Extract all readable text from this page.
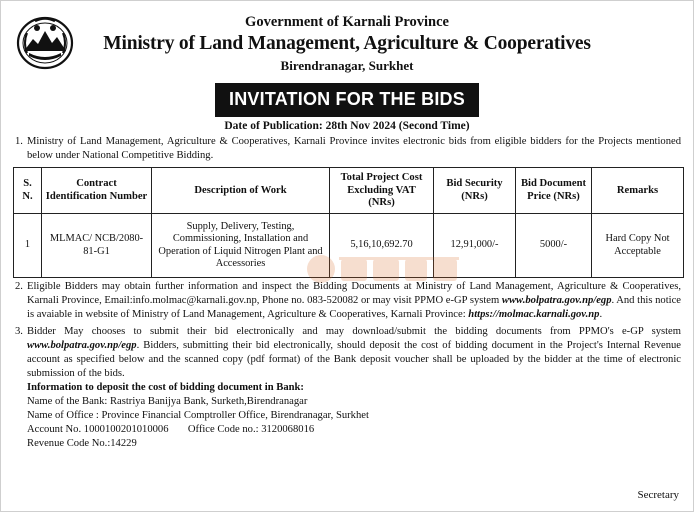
Government of Karnali Province
Ministry of Land Management, Agriculture & Cooperatives
Birendranagar, Surkhet
INVITATION FOR THE BIDS
Date of Publication: 28th Nov 2024 (Second Time)
1. Ministry of Land Management, Agriculture & Cooperatives, Karnali Province invites electronic bids from eligible bidders for the Projects mentioned below under National Competitive Bidding.
S. N.	Contract Identification Number	Description of Work	Total Project Cost Excluding VAT (NRs)	Bid Security (NRs)	Bid Document Price (NRs)	Remarks
1	MLMAC/ NCB/2080-81-G1	Supply, Delivery, Testing, Commissioning, Installation and Operation of Liquid Nitrogen Plant and Accessories	5,16,10,692.70	12,91,000/-	5000/-	Hard Copy Not Acceptable
2. Eligible Bidders may obtain further information and inspect the Bidding Documents at Ministry of Land Management, Agriculture & Cooperatives, Karnali Province, Email:info.molmac@karnali.gov.np, Phone no. 083-520082 or may visit PPMO e-GP system www.bolpatra.gov.np/egp. And this notice is avaiable in website of Ministry of Land Management, Agriculture & Cooperatives, Karnali Province: https://molmac.karnali.gov.np.
3. Bidder May chooses to submit their bid electronically and may download/submit the bidding documents from PPMO's e-GP system www.bolpatra.gov.np/egp. Bidders, submitting their bid electronically, should deposit the cost of bidding document in the Project's Internal Revenue account as specified below and the scanned copy (pdf format) of the Bank deposit voucher shall be uploaded by the bidder at the time of electronic submission of the bids.
Information to deposit the cost of bidding document in Bank:
Name of the Bank: Rastriya Banijya Bank, Surketh,Birendranagar
Name of Office : Province Financial Comptroller Office, Birendranagar, Surkhet
Account No. 1000100201010006 Office Code no.: 3120068016
Revenue Code No.:14229
Secretary
